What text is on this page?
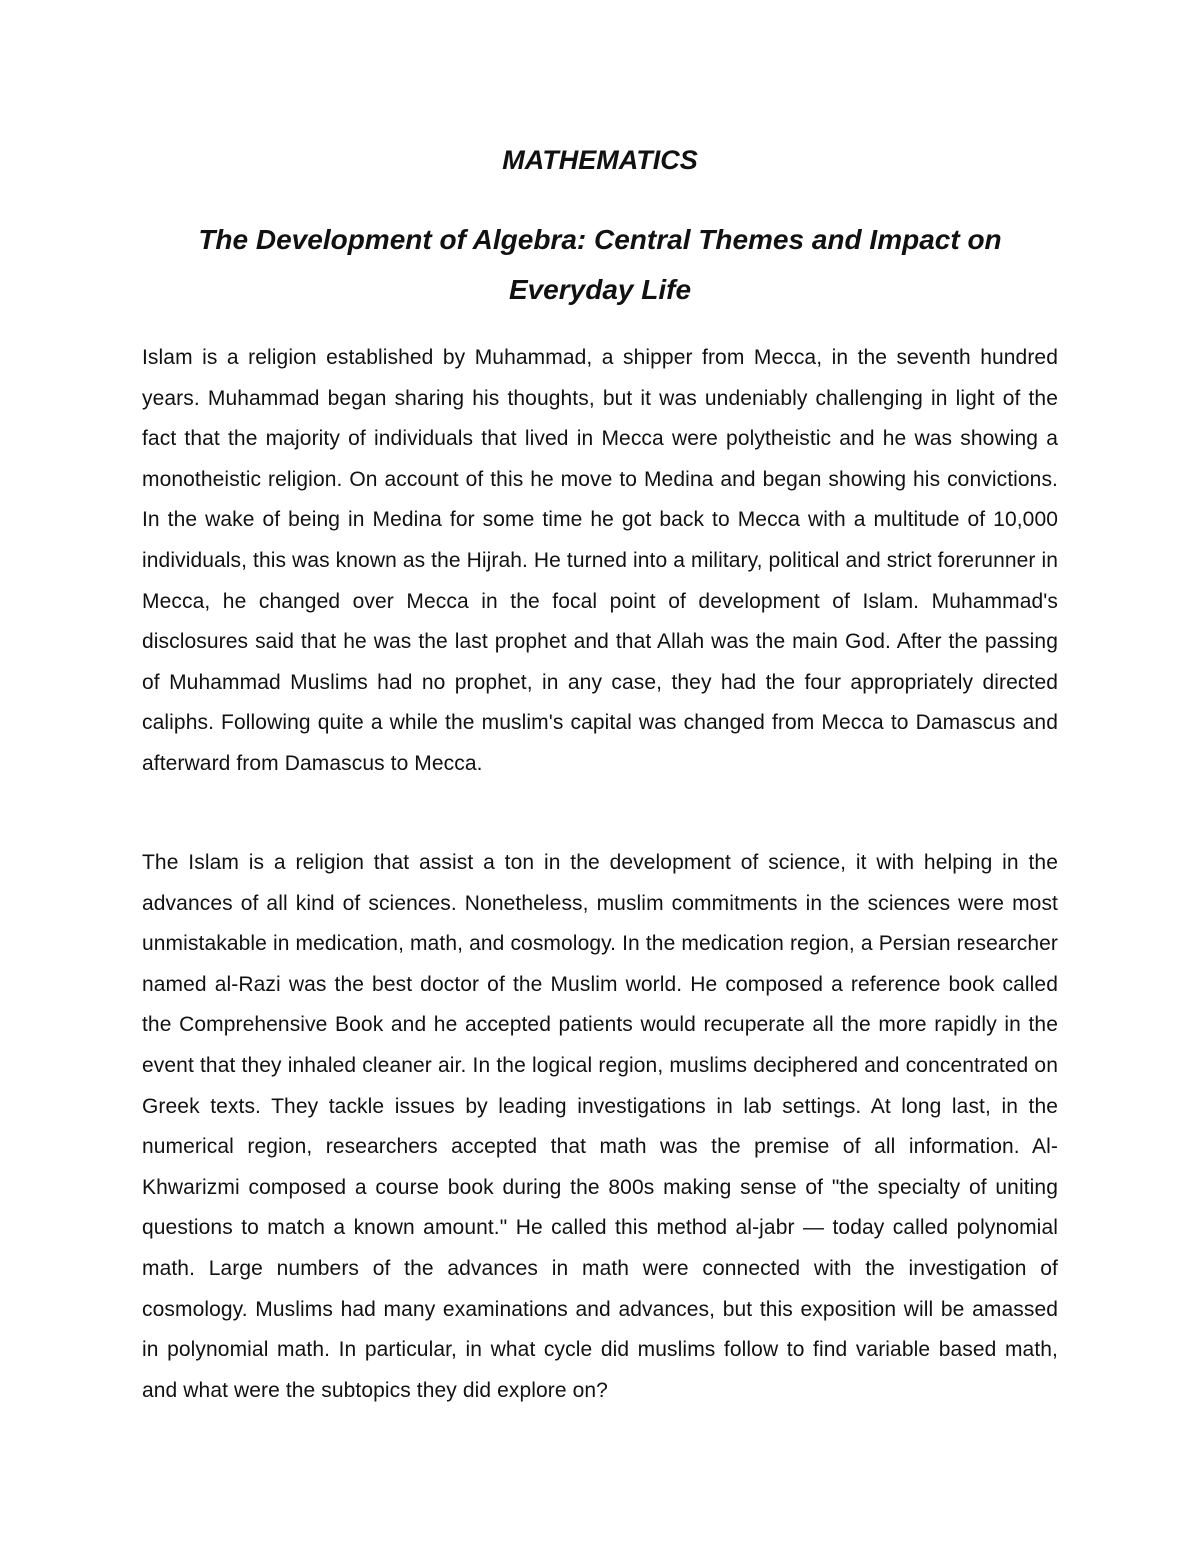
MATHEMATICS
The Development of Algebra: Central Themes and Impact on Everyday Life

Islam is a religion established by Muhammad, a shipper from Mecca, in the seventh hundred years. Muhammad began sharing his thoughts, but it was undeniably challenging in light of the fact that the majority of individuals that lived in Mecca were polytheistic and he was showing a monotheistic religion. On account of this he move to Medina and began showing his convictions. In the wake of being in Medina for some time he got back to Mecca with a multitude of 10,000 individuals, this was known as the Hijrah. He turned into a military, political and strict forerunner in Mecca, he changed over Mecca in the focal point of development of Islam. Muhammad's disclosures said that he was the last prophet and that Allah was the main God. After the passing of Muhammad Muslims had no prophet, in any case, they had the four appropriately directed caliphs. Following quite a while the muslim's capital was changed from Mecca to Damascus and afterward from Damascus to Mecca.

The Islam is a religion that assist a ton in the development of science, it with helping in the advances of all kind of sciences. Nonetheless, muslim commitments in the sciences were most unmistakable in medication, math, and cosmology. In the medication region, a Persian researcher named al-Razi was the best doctor of the Muslim world. He composed a reference book called the Comprehensive Book and he accepted patients would recuperate all the more rapidly in the event that they inhaled cleaner air. In the logical region, muslims deciphered and concentrated on Greek texts. They tackle issues by leading investigations in lab settings. At long last, in the numerical region, researchers accepted that math was the premise of all information. Al-Khwarizmi composed a course book during the 800s making sense of "the specialty of uniting questions to match a known amount." He called this method al-jabr — today called polynomial math. Large numbers of the advances in math were connected with the investigation of cosmology. Muslims had many examinations and advances, but this exposition will be amassed in polynomial math. In particular, in what cycle did muslims follow to find variable based math, and what were the subtopics they did explore on?
